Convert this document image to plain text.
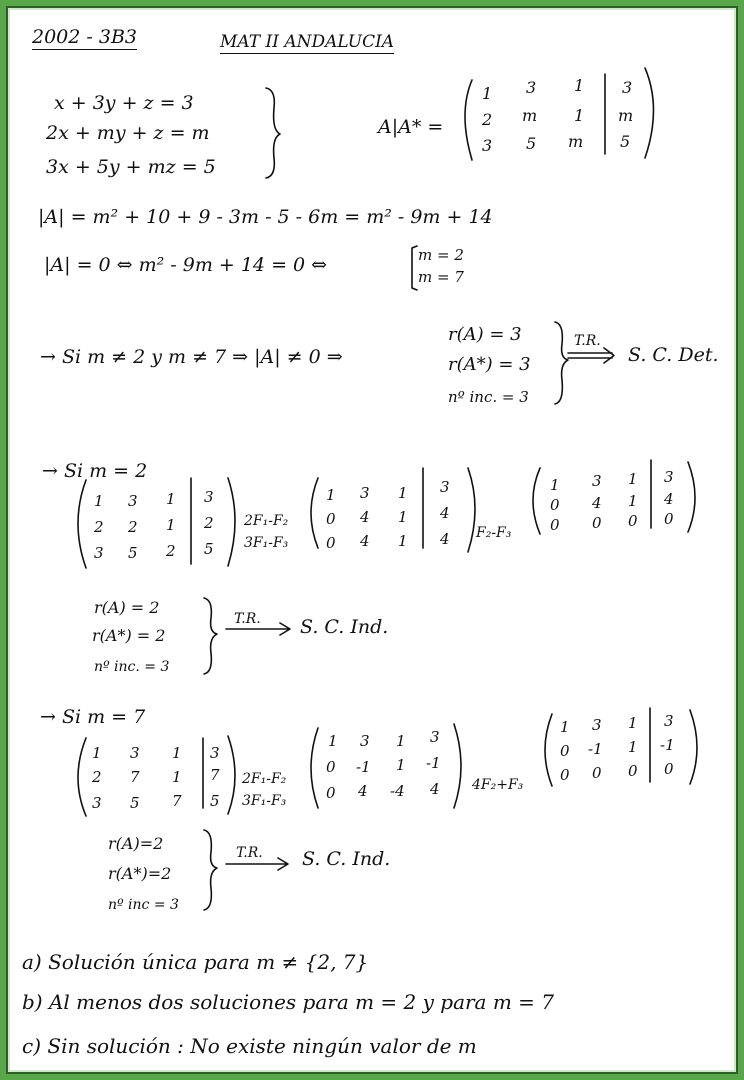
2002 - 3B3	MAT II ANDALUCIA
x + 3y + z = 3
2x + my + z = m
3x + 5y + mz = 5
A|A* =
1 3 1 3
2 m 1 m
3 5 m 5
|A| = m² + 10 + 9 - 3m - 5 - 6m = m² - 9m + 14
|A| = 0 ⇔ m² - 9m + 14 = 0 ⇔	m = 2
m = 7
→ Si m ≠ 2 y m ≠ 7 ⇒ |A| ≠ 0 ⇒
r(A) = 3
r(A*) = 3
nº inc. = 3
T.R.
S. C. Det.
→ Si m = 2
1 3 1 3
2 2 1 2
3 5 2 5
2F₁-F₂
3F₁-F₃
1 3 1 3
0 4 1 4
0 4 1 4 F₂-F₃
1 3 1 3
0 4 1 4
0 0 0 0
r(A) = 2
r(A*) = 2
nº inc. = 3
T.R. S. C. Ind.
→ Si m = 7
1 3 1 3
2 7 1 7
3 5 7 5
2F₁-F₂
3F₁-F₃
1 3 1 3
0 -1 1 -1
0 4 -4 4 4F₂+F₃
1 3 1 3
0 -1 1 -1
0 0 0 0
r(A)=2
r(A*)=2
nº inc = 3
T.R. S. C. Ind.
a) Solución única para m ≠ {2, 7}
b) Al menos dos soluciones para m = 2 y para m = 7
c) Sin solución : No existe ningún valor de m
